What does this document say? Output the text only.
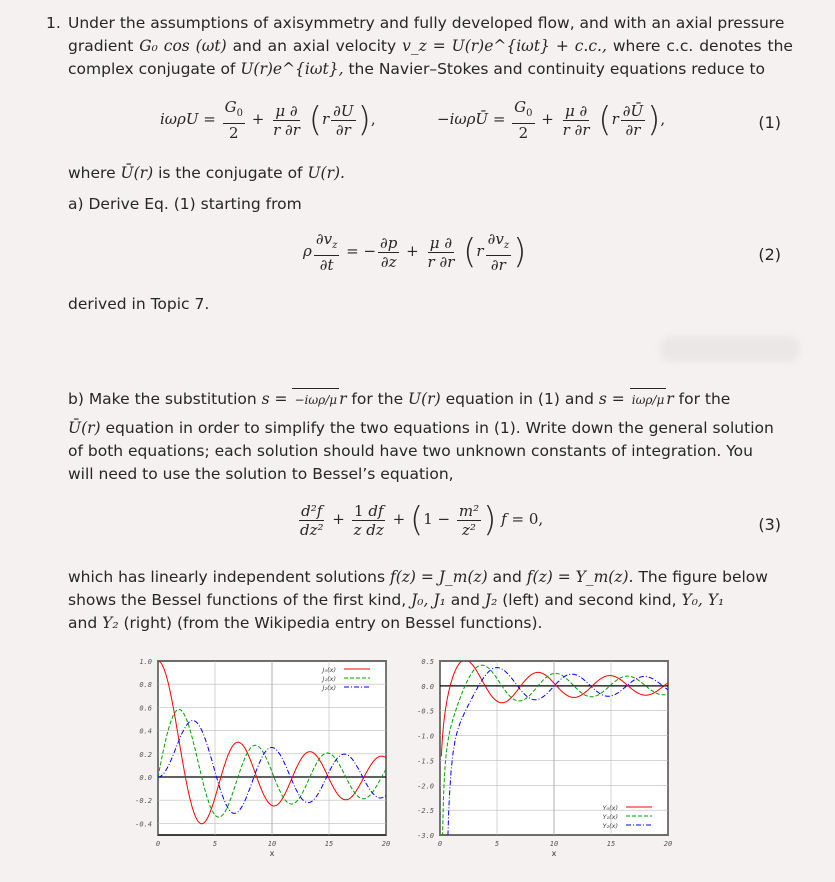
1. Under the assumptions of axisymmetry and fully developed flow, and with an axial pressure
gradient G₀ cos (ωt) and an axial velocity v_z = U(r)e^{iωt} + c.c., where c.c. denotes the
complex conjugate of U(r)e^{iωt}, the Navier–Stokes and continuity equations reduce to
$i\omega\rho U = \frac{G_0}{2} + \frac{\mu \partial}{r \partial r} (r \frac{\partial U}{\partial r}$ ),	−iωρŪ = $\frac{G_0}{2} + \frac{\mu \partial}{r \partial r} (r \frac{\partial Ū}{\partial r}$ ),	(1)
where Ū(r) is the conjugate of U(r).
a) Derive Eq. (1) starting from
ρ $\frac{\partial v_z}{\partial t}$ = − $\frac{\partial p}{\partial z} + \frac{\mu \partial}{r \partial r} (r \frac{\partial v_z}{\partial r}$ )	(2)
derived in Topic 7.
b) Make the substitution s = −iωρ/μ r for the U(r) equation in (1) and s = iωρ/μ r for the
Ū(r) equation in order to simplify the two equations in (1). Write down the general solution
of both equations; each solution should have two unknown constants of integration. You
will need to use the solution to Bessel’s equation,
$\frac{\text{d²f}}{\text{dz²}} + \frac{1 df}{\text{z dz}} + (1 - \frac{\text{m²}}{\text{z²}}$ ) f = 0,	(3)
which has linearly independent solutions f(z) = J_m(z) and f(z) = Y_m(z). The figure below
shows the Bessel functions of the first kind, J₀, J₁ and J₂ (left) and second kind, Y₀, Y₁
and Y₂ (right) (from the Wikipedia entry on Bessel functions).
1.0
0.8
0.6
0.4
0.2
0.0
-0.2
-0.4
0	5	10	15	20
x
J₀(x)
J₁(x)
J₂(x)
0.5
0.0
-0.5
-1.0
-1.5
-2.0
-2.5
-3.0
0	5	10	15	20
x
Y₀(x)
Y₁(x)
Y₂(x)
